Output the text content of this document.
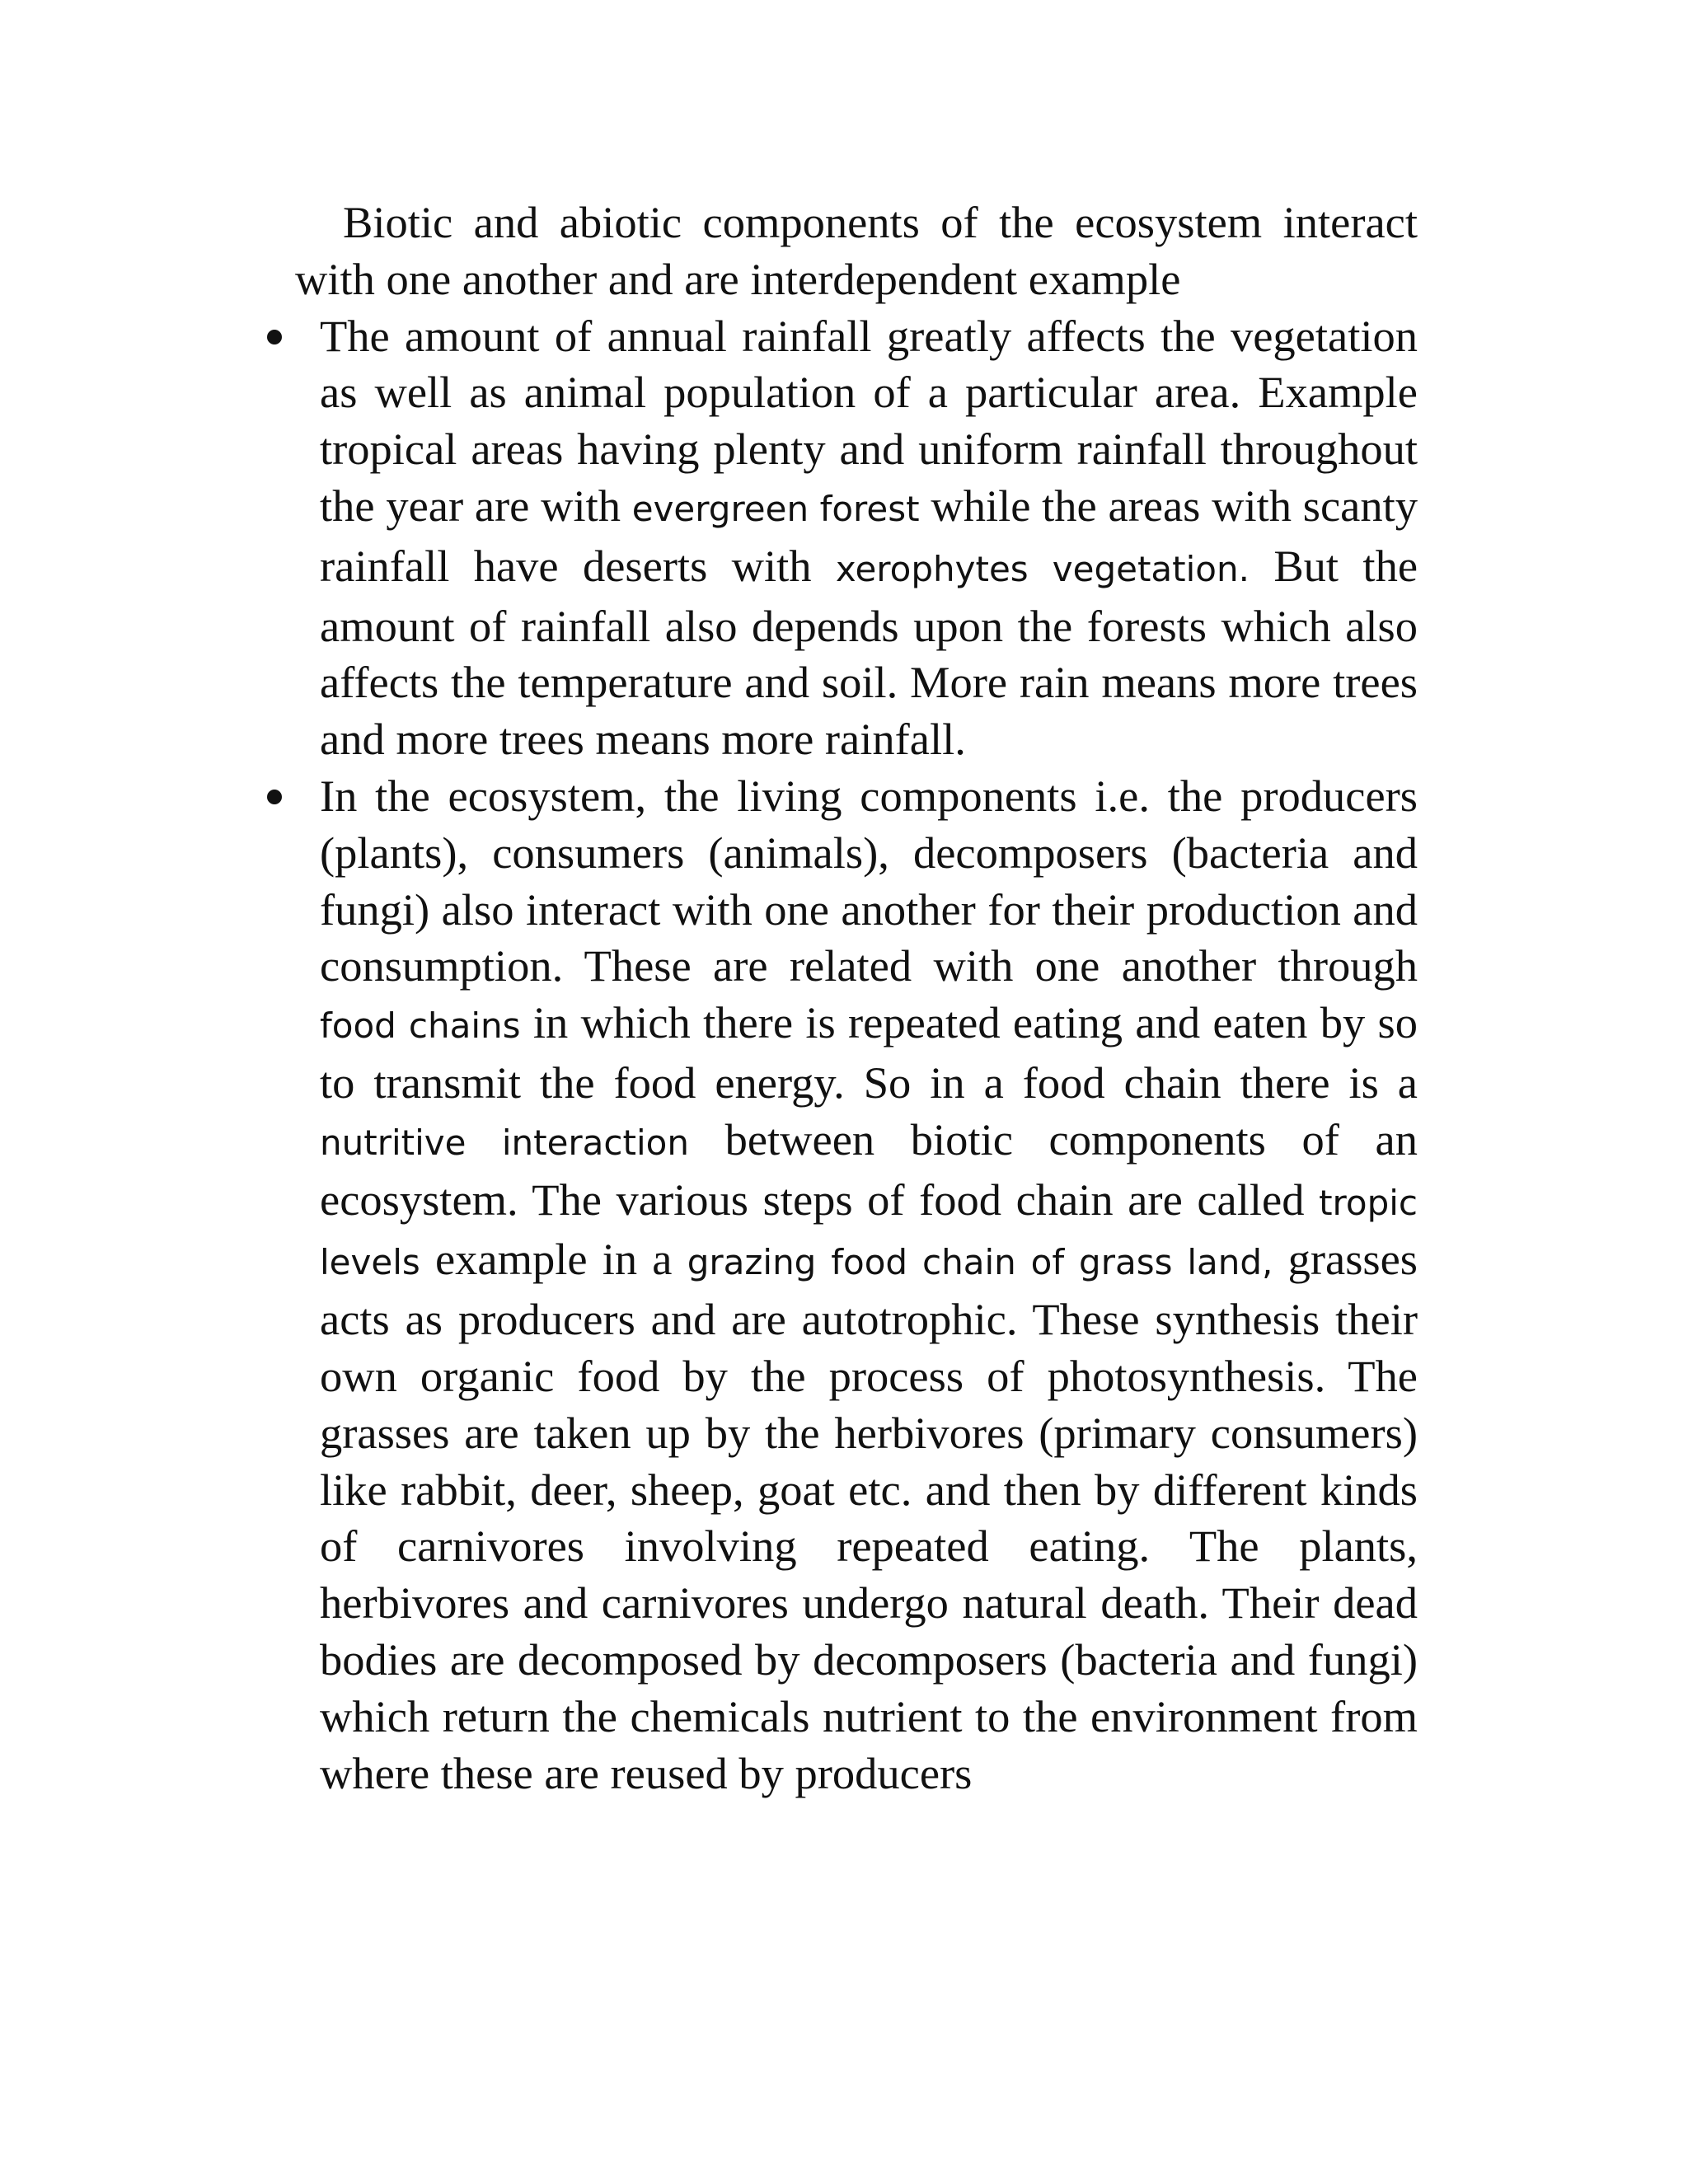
Biotic and abiotic components of the ecosystem interact with one another and are interdependent example

The amount of annual rainfall greatly affects the vegetation as well as animal population of a particular area. Example tropical areas having plenty and uniform rainfall throughout the year are with evergreen forest while the areas with scanty rainfall have deserts with xerophytes vegetation. But the amount of rainfall also depends upon the forests which also affects the temperature and soil. More rain means more trees and more trees means more rainfall.
In the ecosystem, the living components i.e. the producers (plants), consumers (animals), decomposers (bacteria and fungi) also interact with one another for their production and consumption. These are related with one another through food chains in which there is repeated eating and eaten by so to transmit the food energy. So in a food chain there is a nutritive interaction between biotic components of an ecosystem. The various steps of food chain are called tropic levels example in a grazing food chain of grass land, grasses acts as producers and are autotrophic. These synthesis their own organic food by the process of photosynthesis. The grasses are taken up by the herbivores (primary consumers) like rabbit, deer, sheep, goat etc. and then by different kinds of carnivores involving repeated eating. The plants, herbivores and carnivores undergo natural death. Their dead bodies are decomposed by decomposers (bacteria and fungi) which return the chemicals nutrient to the environment from where these are reused by producers
